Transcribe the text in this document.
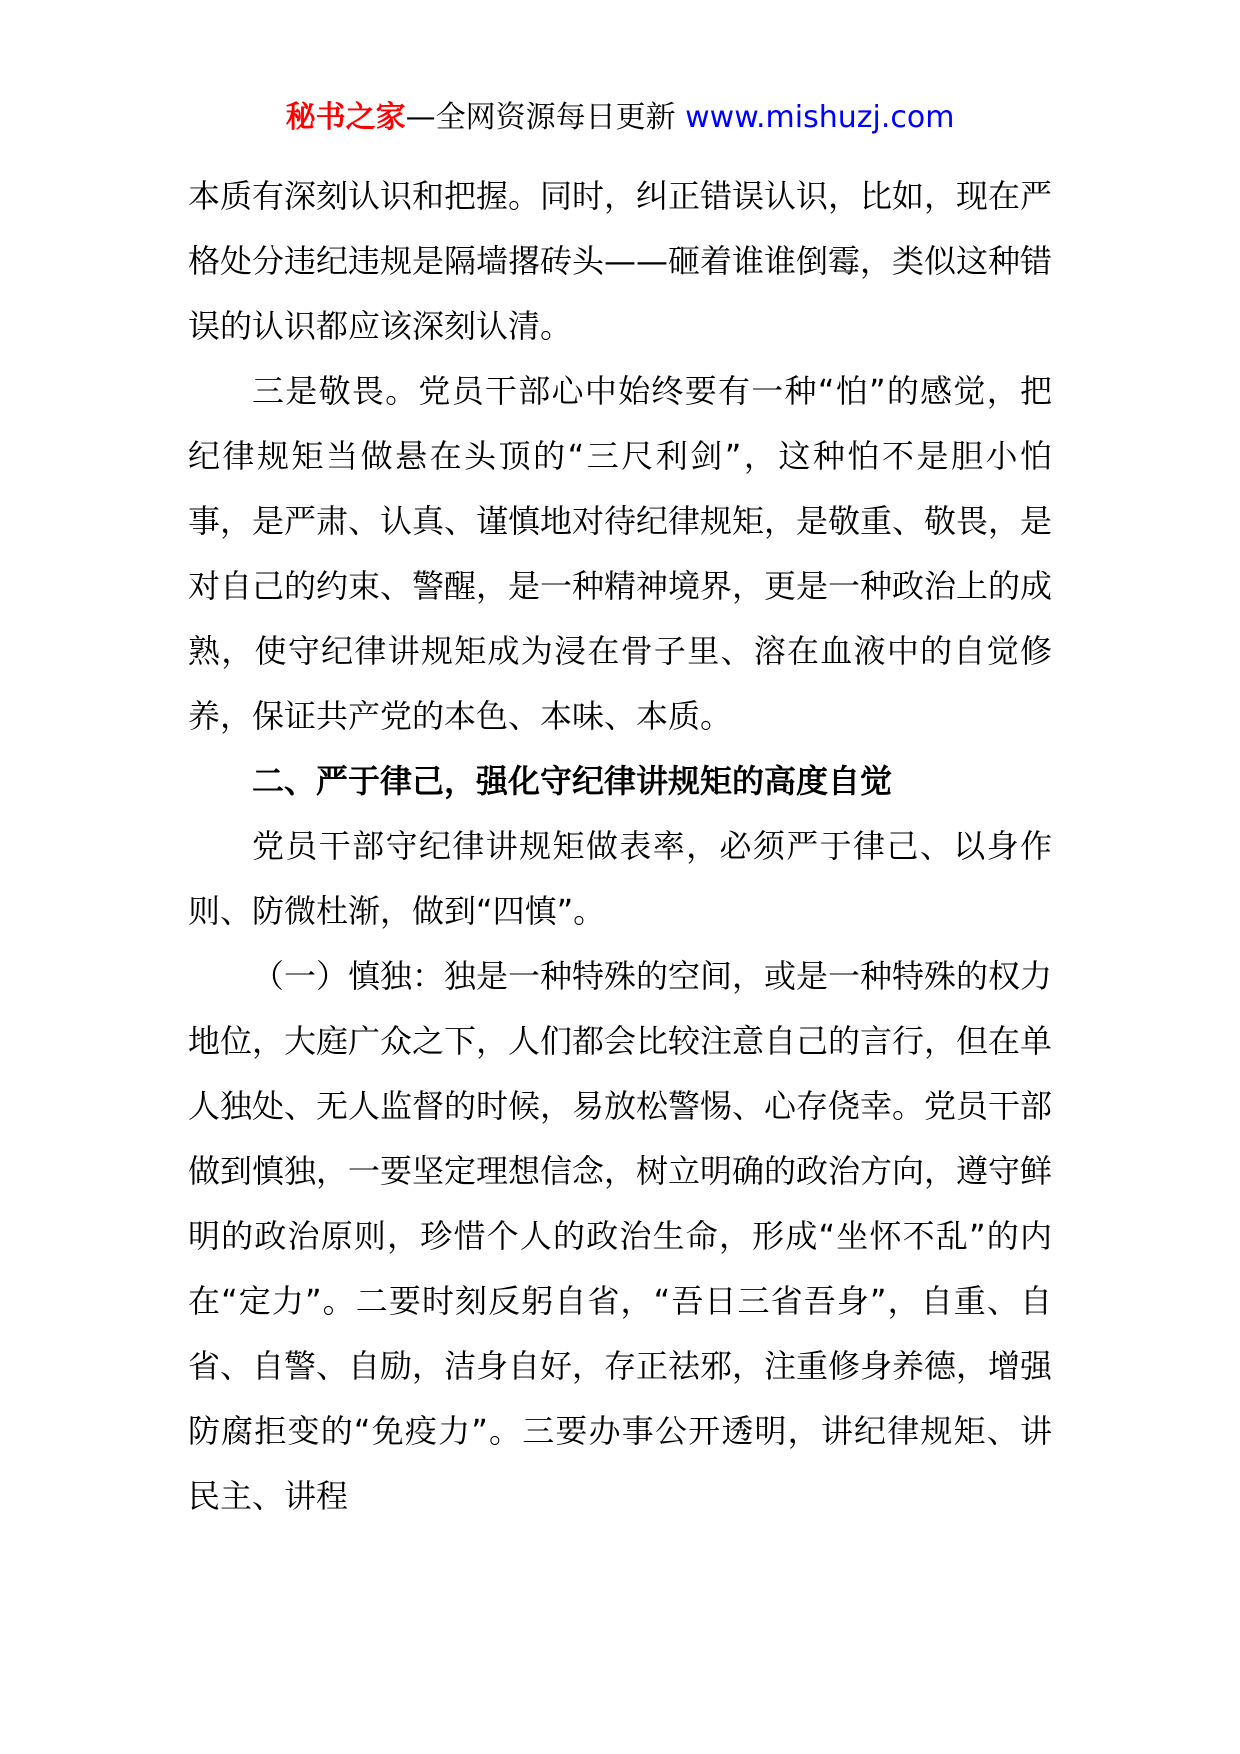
秘书之家—全网资源每日更新 www.mishuzj.com

本质有深刻认识和把握。同时，纠正错误认识，比如，现在严格处分违纪违规是隔墙撂砖头——砸着谁谁倒霉，类似这种错误的认识都应该深刻认清。

三是敬畏。党员干部心中始终要有一种“怕”的感觉，把纪律规矩当做悬在头顶的“三尺利剑”，这种怕不是胆小怕事，是严肃、认真、谨慎地对待纪律规矩，是敬重、敬畏，是对自己的约束、警醒，是一种精神境界，更是一种政治上的成熟，使守纪律讲规矩成为浸在骨子里、溶在血液中的自觉修养，保证共产党的本色、本味、本质。

二、严于律己，强化守纪律讲规矩的高度自觉

党员干部守纪律讲规矩做表率，必须严于律己、以身作则、防微杜渐，做到“四慎”。

（一）慎独：独是一种特殊的空间，或是一种特殊的权力地位，大庭广众之下，人们都会比较注意自己的言行，但在单人独处、无人监督的时候，易放松警惕、心存侥幸。党员干部做到慎独，一要坚定理想信念，树立明确的政治方向，遵守鲜明的政治原则，珍惜个人的政治生命，形成“坐怀不乱”的内在“定力”。二要时刻反躬自省，“吾日三省吾身”，自重、自省、自警、自励，洁身自好，存正祛邪，注重修身养德，增强防腐拒变的“免疫力”。三要办事公开透明，讲纪律规矩、讲民主、讲程
